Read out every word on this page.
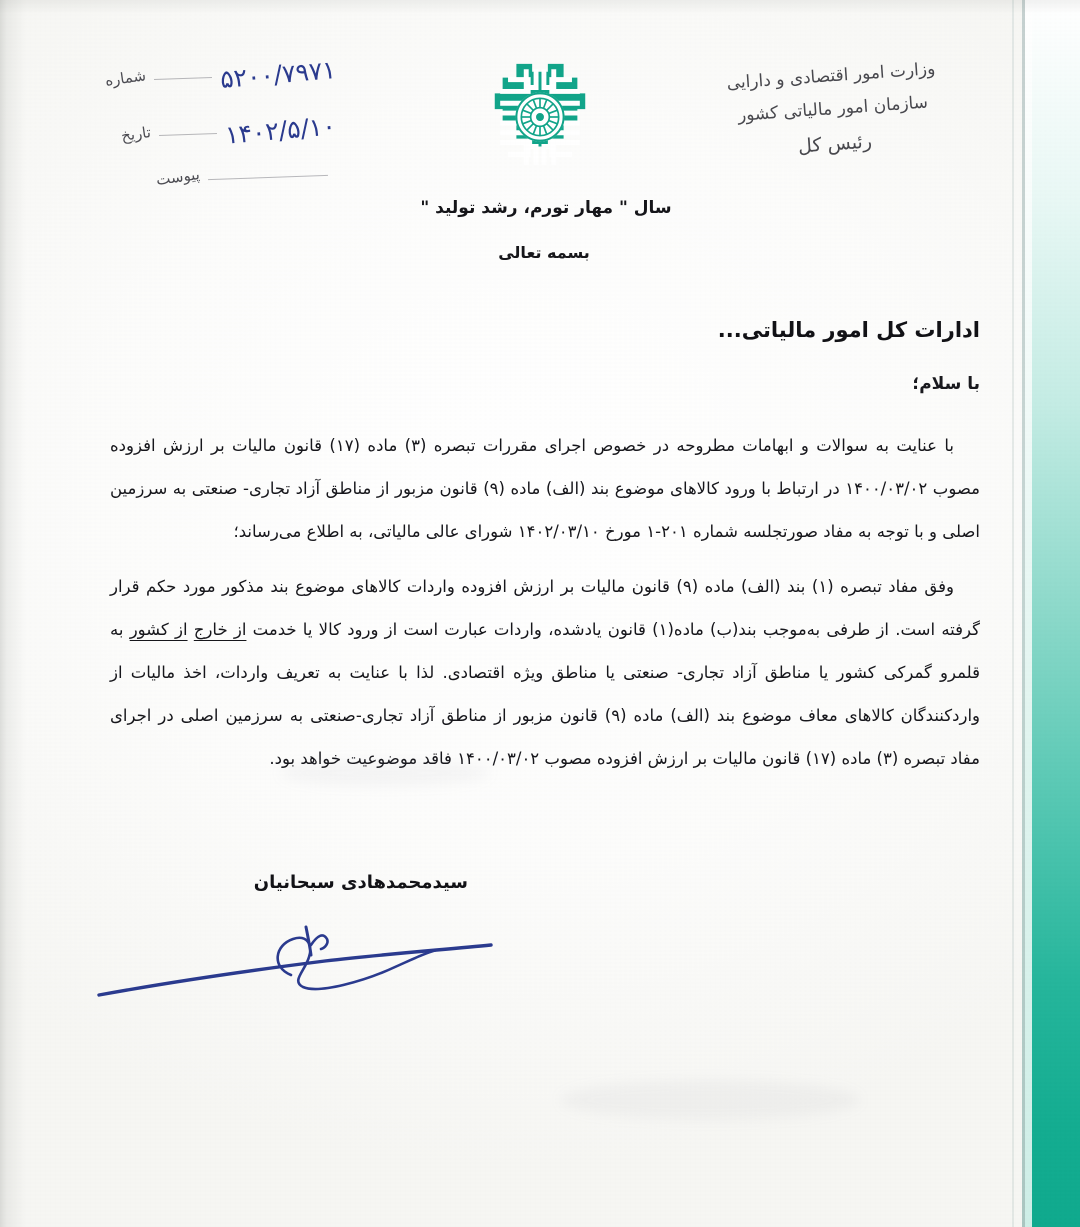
شماره	۵۲۰۰/۷۹۷۱
تاریخ	۱۴۰۲/۵/۱۰
پیوست
وزارت امور اقتصادی و دارایی
سازمان امور مالیاتی کشور
رئیس کل
سال " مهار تورم، رشد تولید "
بسمه تعالی
ادارات کل امور مالیاتی...
با سلام؛

با عنایت به سوالات و ابهامات مطروحه در خصوص اجرای مقررات تبصره (۳) ماده (۱۷) قانون مالیات بر ارزش افزوده مصوب ۱۴۰۰/۰۳/۰۲ در ارتباط با ورود کالاهای موضوع بند (الف) ماده (۹) قانون مزبور از مناطق آزاد تجاری- صنعتی به سرزمین اصلی و با توجه به مفاد صورتجلسه شماره ۲۰۱-۱ مورخ ۱۴۰۲/۰۳/۱۰ شورای عالی مالیاتی، به اطلاع می‌رساند؛

وفق مفاد تبصره (۱) بند (الف) ماده (۹) قانون مالیات بر ارزش افزوده واردات کالاهای موضوع بند مذکور مورد حکم قرار گرفته است. از طرفی به‌موجب بند(ب) ماده(۱) قانون یادشده، واردات عبارت است از ورود کالا یا خدمت از خارج از کشور به قلمرو گمرکی کشور یا مناطق آزاد تجاری- صنعتی یا مناطق ویژه اقتصادی. لذا با عنایت به تعریف واردات، اخذ مالیات از واردکنندگان کالاهای معاف موضوع بند (الف) ماده (۹) قانون مزبور از مناطق آزاد تجاری-صنعتی به سرزمین اصلی در اجرای مفاد تبصره (۳) ماده (۱۷) قانون مالیات بر ارزش افزوده مصوب ۱۴۰۰/۰۳/۰۲ فاقد موضوعیت خواهد بود.

سیدمحمدهادی سبحانیان
